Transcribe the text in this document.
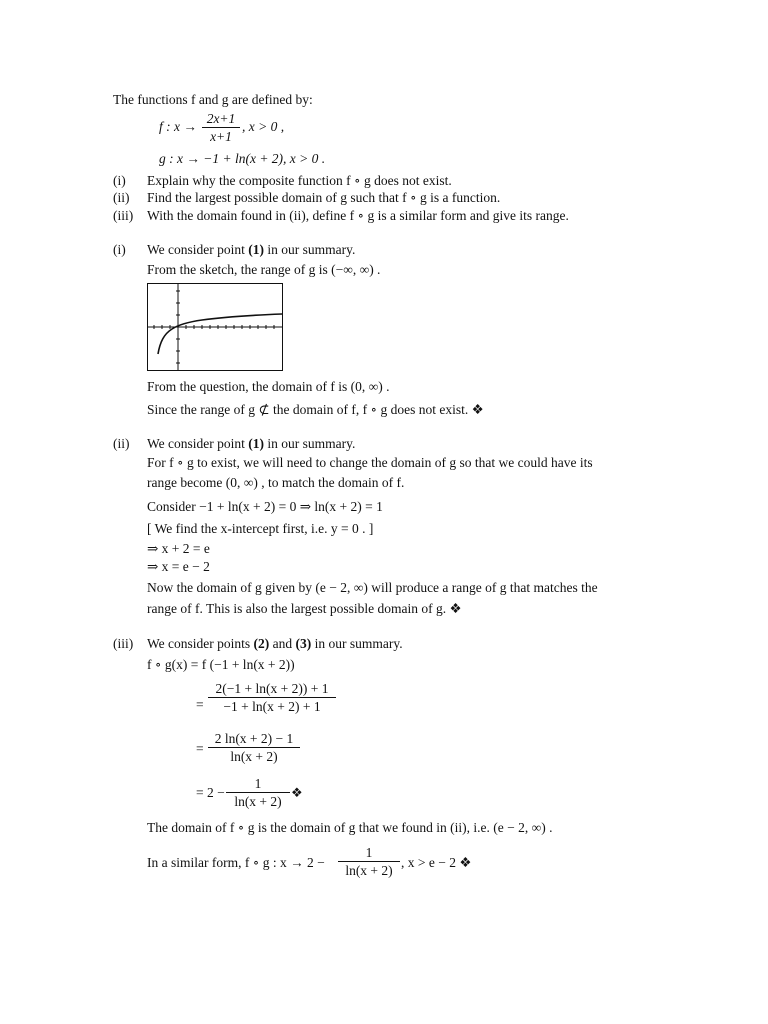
The functions f and g are defined by:
f : x →
2x+1
x+1
, x > 0 ,
g : x → −1 + ln(x + 2), x > 0 .
(i) Explain why the composite function f ∘ g does not exist.
(ii) Find the largest possible domain of g such that f ∘ g is a function.
(iii) With the domain found in (ii), define f ∘ g is a similar form and give its range.
(i) We consider point (1) in our summary.
From the sketch, the range of g is (−∞, ∞) .
From the question, the domain of f is (0, ∞) .
Since the range of g ⊄ the domain of f, f ∘ g does not exist. ❖
(ii) We consider point (1) in our summary.
For f ∘ g to exist, we will need to change the domain of g so that we could have its
range become (0, ∞) , to match the domain of f.
Consider −1 + ln(x + 2) = 0 ⇒ ln(x + 2) = 1
[ We find the x-intercept first, i.e. y = 0 . ]
⇒ x + 2 = e
⇒ x = e − 2
Now the domain of g given by (e − 2, ∞) will produce a range of g that matches the
range of f. This is also the largest possible domain of g. ❖
(iii) We consider points (2) and (3) in our summary.
f ∘ g(x) = f (−1 + ln(x + 2))
=
2(−1 + ln(x + 2)) + 1
−1 + ln(x + 2) + 1
=
2 ln(x + 2) − 1
ln(x + 2)
= 2 −
1
ln(x + 2)
❖
The domain of f ∘ g is the domain of g that we found in (ii), i.e. (e − 2, ∞) .
In a similar form, f ∘ g : x → 2 −
1
ln(x + 2)
, x > e − 2 ❖
